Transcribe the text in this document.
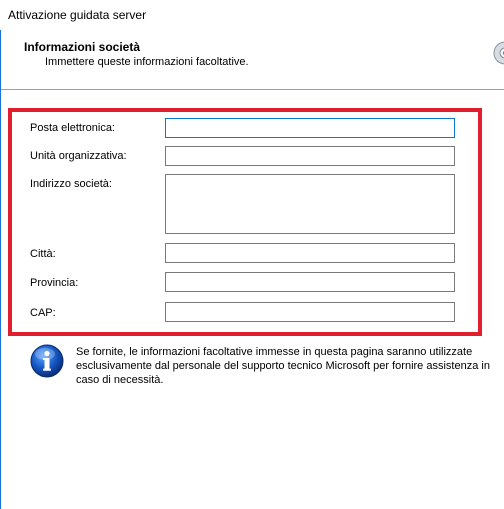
Attivazione guidata server
Informazioni società
Immettere queste informazioni facoltative.
Posta elettronica:
Unità organizzativa:
Indirizzo società:
Città:
Provincia:
CAP:
Se fornite, le informazioni facoltative immesse in questa pagina saranno utilizzate esclusivamente dal personale del supporto tecnico Microsoft per fornire assistenza in caso di necessità.
